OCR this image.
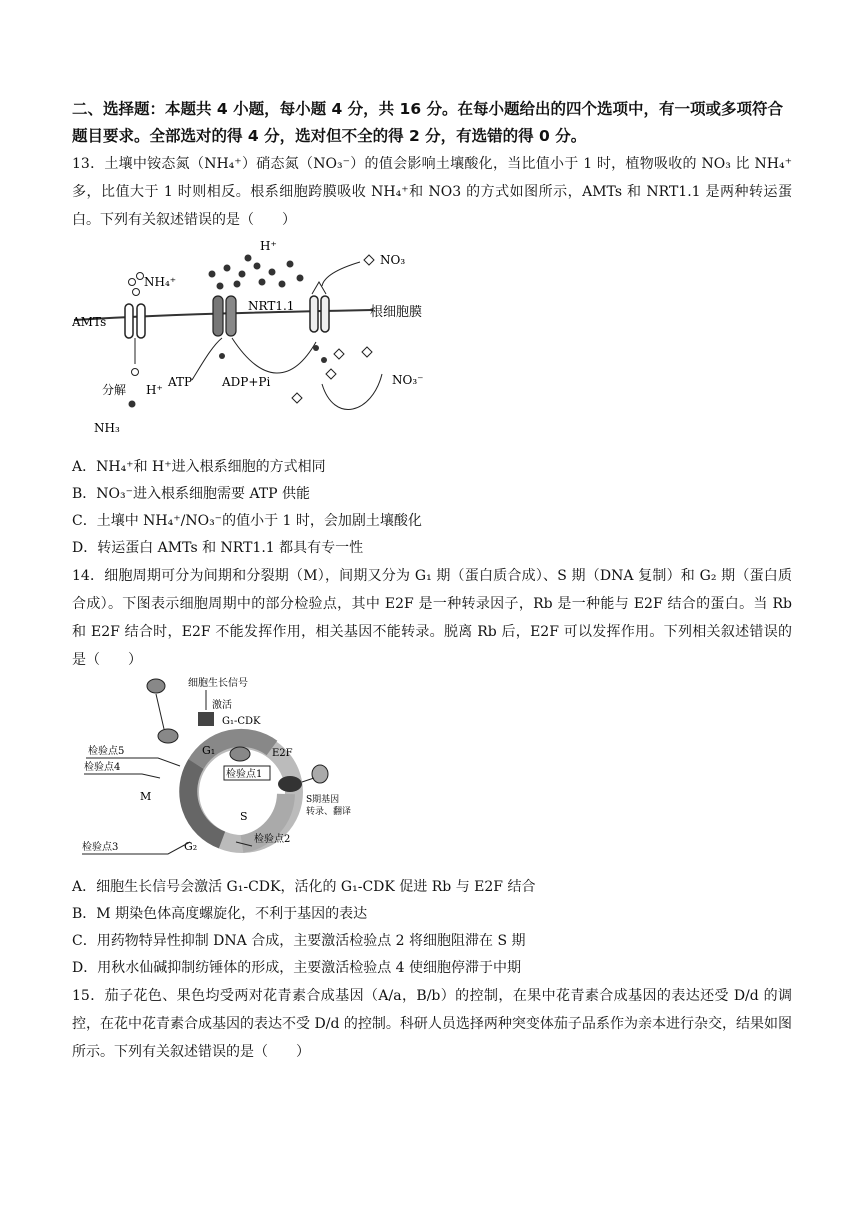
二、选择题：本题共 4 小题，每小题 4 分，共 16 分。在每小题给出的四个选项中，有一项或多项符合题目要求。全部选对的得 4 分，选对但不全的得 2 分，有选错的得 0 分。

13．土壤中铵态氮（NH₄⁺）硝态氮（NO₃⁻）的值会影响土壤酸化，当比值小于 1 时，植物吸收的 NO₃ 比 NH₄⁺ 多，比值大于 1 时则相反。根系细胞跨膜吸收 NH₄⁺和 NO3 的方式如图所示，AMTs 和 NRT1.1 是两种转运蛋白。下列有关叙述错误的是（　　）

NH₄⁺
AMTs
H⁺
NO₃
NRT1.1	根细胞膜
ATP ADP+Pi	NO₃⁻
分解 H⁺
NH₃

A．NH₄⁺和 H⁺进入根系细胞的方式相同

B．NO₃⁻进入根系细胞需要 ATP 供能

C．土壤中 NH₄⁺/NO₃⁻的值小于 1 时，会加剧土壤酸化

D．转运蛋白 AMTs 和 NRT1.1 都具有专一性

14．细胞周期可分为间期和分裂期（M），间期又分为 G₁ 期（蛋白质合成）、S 期（DNA 复制）和 G₂ 期（蛋白质合成）。下图表示细胞周期中的部分检验点，其中 E2F 是一种转录因子，Rb 是一种能与 E2F 结合的蛋白。当 Rb 和 E2F 结合时，E2F 不能发挥作用，相关基因不能转录。脱离 Rb 后，E2F 可以发挥作用。下列相关叙述错误的是（　　）

G₁
S
G₂
M
细胞生长信号
激活
G₁-CDK
E2F
检验点1
S期基因
转录、翻译
检验点5
检验点4
检验点3
检验点2

A．细胞生长信号会激活 G₁-CDK，活化的 G₁-CDK 促进 Rb 与 E2F 结合

B．M 期染色体高度螺旋化，不利于基因的表达

C．用药物特异性抑制 DNA 合成，主要激活检验点 2 将细胞阻滞在 S 期

D．用秋水仙碱抑制纺锤体的形成，主要激活检验点 4 使细胞停滞于中期

15．茄子花色、果色均受两对花青素合成基因（A/a，B/b）的控制，在果中花青素合成基因的表达还受 D/d 的调控，在花中花青素合成基因的表达不受 D/d 的控制。科研人员选择两种突变体茄子品系作为亲本进行杂交，结果如图所示。下列有关叙述错误的是（　　）
